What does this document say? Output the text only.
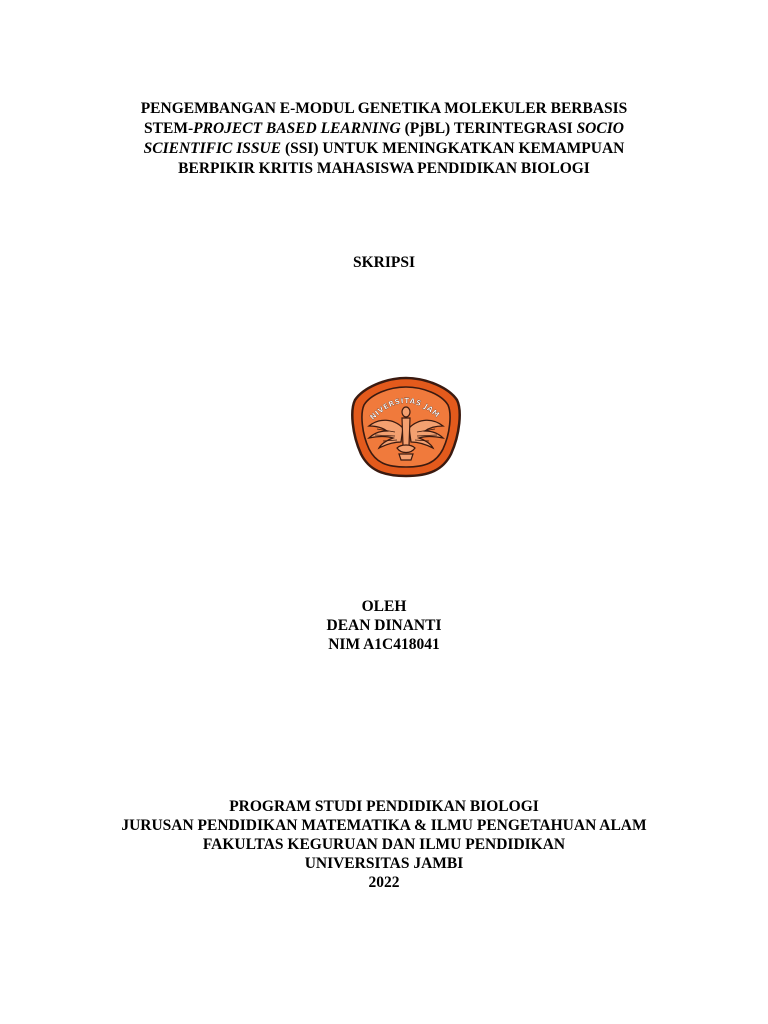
PENGEMBANGAN E-MODUL GENETIKA MOLEKULER BERBASIS
STEM-PROJECT BASED LEARNING (PjBL) TERINTEGRASI SOCIO
SCIENTIFIC ISSUE (SSI) UNTUK MENINGKATKAN KEMAMPUAN
BERPIKIR KRITIS MAHASISWA PENDIDIKAN BIOLOGI
SKRIPSI
NIVERSITAS JAM
OLEH
DEAN DINANTI
NIM A1C418041
PROGRAM STUDI PENDIDIKAN BIOLOGI
JURUSAN PENDIDIKAN MATEMATIKA & ILMU PENGETAHUAN ALAM
FAKULTAS KEGURUAN DAN ILMU PENDIDIKAN
UNIVERSITAS JAMBI
2022
